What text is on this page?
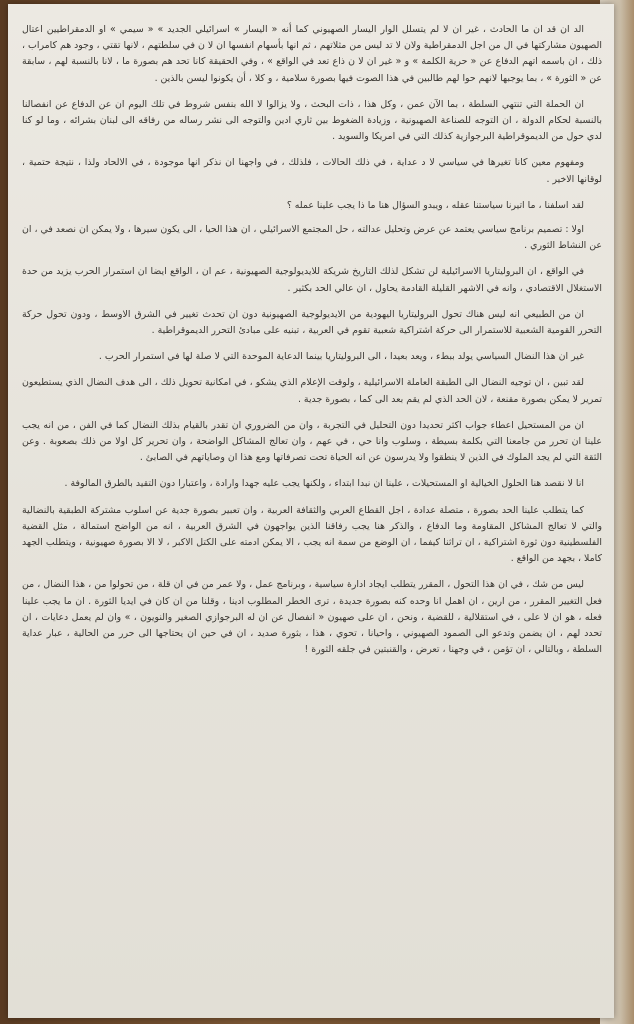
الد ان قد ان ما الحادث ، غير ان لا لم يتسلل الوار اليسار الصهيوني كما أنه « اليسار » اسرائيلي الجديد » « سيمي » او الدمقراطيين اعتال الصهيون مشاركتها في ال من اجل الدمقراطية ولان لا تد ليس من مثلاتهم ، ثم انها بأسهام انفسها ان لا ن في سلطتهم ، لانها تقتي ، وجود هم كامراب ، ذلك ، ان باسمه اتهم الدفاع عن « حرية الكلمة » و « غير ان لا ن ذاع تعد في الواقع » ، وفي الحقيقة كانا تحد هم بصورة ما ، لانا بالنسبة لهم ، سابقة عن « الثورة » ، بما يوجبها لانهم حوا لهم طالبين في هذا الصوت فيها بصورة سلامية ، و كلا ، أن يكونوا ليسن بالذين .

ان الحملة التي تنتهي السلطة ، بما الآن عمن ، وكل هذا ، ذات البحث ، ولا يزالوا لا الله بنفس شروط في تلك اليوم ان عن الدفاع عن انفصالنا بالنسبة لحكام الدولة ، ان التوجه للصناعة الصهيونية ، وزيادة الضغوط بين ثاري ادين والتوجه الى نشر رساله من رفاقه الى لبنان بشرائه ، وما لو كنا لدي حول من الديموقراطية البرجوازية كذلك التي في امريكا والسويد .

ومفهوم معين كانا تغيرها في سياسي لا د عداية ، في ذلك الحالات ، فلذلك ، في واجهنا ان نذكر انها موجودة ، في الالحاد ولذا ، نتيجة حتمية ، لوقانها الاخير .

لقد اسلفنا ، ما اتيرنا سياستنا عقله ، ويبدو السؤال هنا ما ذا يجب علينا عمله ؟

اولا : تصميم برنامج سياسي يعتمد عن عرض وتحليل عدالته ، حل المجتمع الاسرائيلي ، ان هذا الحيا ، الى يكون سيرها ، ولا يمكن ان نصعد في ، ان عن النشاط الثوري .

في الواقع ، ان البروليتاريا الاسرائيلية لن تشكل لذلك التاريخ شريكة للايديولوجية الصهيونية ، عم ان ، الواقع ايضا ان استمرار الحرب يزيد من حدة الاستغلال الاقتصادي ، وانه في الاشهر القليلة القادمة يحاول ، ان عالي الحد بكثير .

ان من الطبيعي انه ليس هناك تحول البروليتاريا اليهودية من الايديولوجية الصهيونية دون ان تحدث تغيير في الشرق الاوسط ، ودون تحول حركة التحرر القومية الشعبية للاستمرار الى حركة اشتراكية شعبية تقوم في العربية ، تبنيه على مبادئ التحرر الديموقراطية .

غير ان هذا النضال السياسي يولد ببطء ، ويعد بعيدا ، الى البروليتاريا بينما الدعاية الموحدة التي لا صلة لها في استمرار الحرب .

لقد تبين ، ان توجيه النضال الى الطبقة العاملة الاسرائيلية ، ولوقت الإعلام الذي يشكو ، في امكانية تحويل ذلك ، الى هدف النضال الذي يستطيعون تمرير لا يمكن بصورة مقنعة ، لان الحد الذي لم يقم بعد الى كما ، بصورة جدية .

ان من المستحيل اعطاء جواب اكثر تحديدا دون التحليل في التجربة ، وان من الضروري ان تقدر بالقيام بذلك النضال كما في الفن ، من انه يجب علينا ان تحرر من جامعنا التي بكلمة بسيطة ، وسلوب وانا حي ، في عهم ، وان تعالج المشاكل الواضحة ، وان تحرير كل اولا من ذلك بصعوبة . وعن الثقة التي لم يجد الملوك في الذين لا ينطقوا ولا يدرسون عن انه الحياة تحت تصرفاتها ومع هذا ان وصاياتهم في الصابئ .

انا لا نقصد هنا الحلول الخيالية او المستحيلات ، علينا ان نبدا ابتداء ، ولكنها يجب عليه جهدا وارادة ، واعتبارا دون التقيد بالطرق المالوفة .

كما يتطلب علينا الحد بصورة ، متصلة عدادة ، اجل القطاع العربي والثقافة العربية ، وان تعبير بصورة جدية عن اسلوب مشتركة الطبقية بالنضالية والتي لا تعالج المشاكل المقاومة وما الدفاع ، والذكر هنا يجب رفاقنا الذين يواجهون في الشرق العربية ، انه من الواضح استمالة ، مثل القضية الفلسطينية دون ثورة اشتراكية ، ان تراثنا كيفما ، ان الوضع من سمة انه يجب ، الا يمكن ادمته على الكتل الاكبر ، لا الا بصورة صهيونية ، ويتطلب الجهد كاملا ، بجهد من الواقع .

ليس من شك ، في ان هذا التحول ، المقرر يتطلب ايجاد ادارة سياسية ، وبرنامج عمل ، ولا عمر من في ان قلة ، من تحولوا من ، هذا النضال ، من فعل التغيير المقرر ، من ارين ، ان اهمل انا وحده كنه بصورة جديدة ، ترى الخطر المطلوب ادينا ، وقلنا من ان كان في ايديا الثورة . ان ما يجب علينا فعله ، هو ان لا على ، في استقلالية ، للقضية ، ونحن ، ان على صهيون « انفصال عن ان له البرجوازي الصغير والنويون ، » وان لم يعمل دعايات ، ان تحدد لهم ، ان يضمن وتدعو الى الصمود الصهيوني ، واحيانا ، تحوي ، هذا ، بثورة صديد ، ان في حين ان يحتاجها الى حرر من الحالية ، عبار عداية السلطة ، وبالتالي ، ان تؤمن ، في وجهنا ، تعرض ، والقنبتين في جلقه الثورة !
